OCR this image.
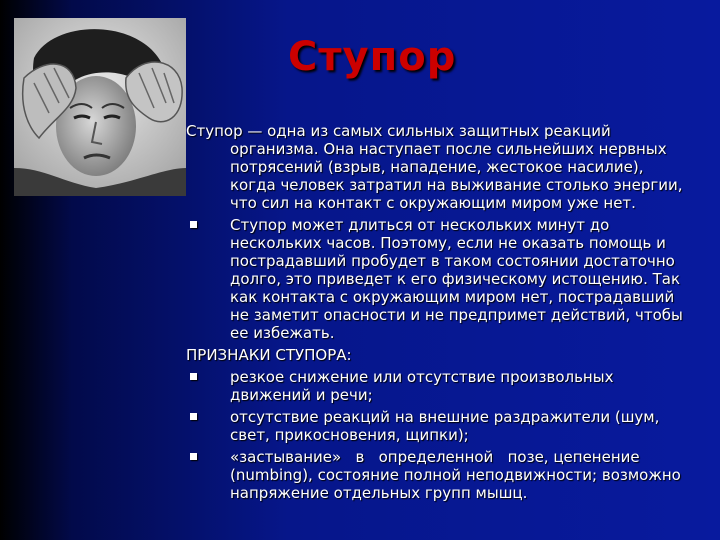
Ступор

Ступор — одна из самых сильных защитных реакций организма. Она наступает после сильнейших нервных потрясений (взрыв, нападение, жестокое насилие), когда человек затратил на выживание столько энергии, что сил на контакт с окружающим миром уже нет.

Ступор может длиться от нескольких минут до нескольких часов. Поэтому, если не оказать помощь и пострадавший пробудет в таком состоянии достаточно долго, это приведет к его физическому истощению. Так как контакта с окружающим миром нет, пострадавший не заметит опасности и не предпримет действий, чтобы ее избежать.

ПРИЗНАКИ СТУПОРА:

резкое снижение или отсутствие произвольных движений и речи;
отсутствие реакций на внешние раздражители (шум,   свет, прикосновения, щипки);
«застывание»   в   определенной   позе, цепенение (numbing), состояние полной неподвижности; возможно напряжение отдельных групп мышц.
